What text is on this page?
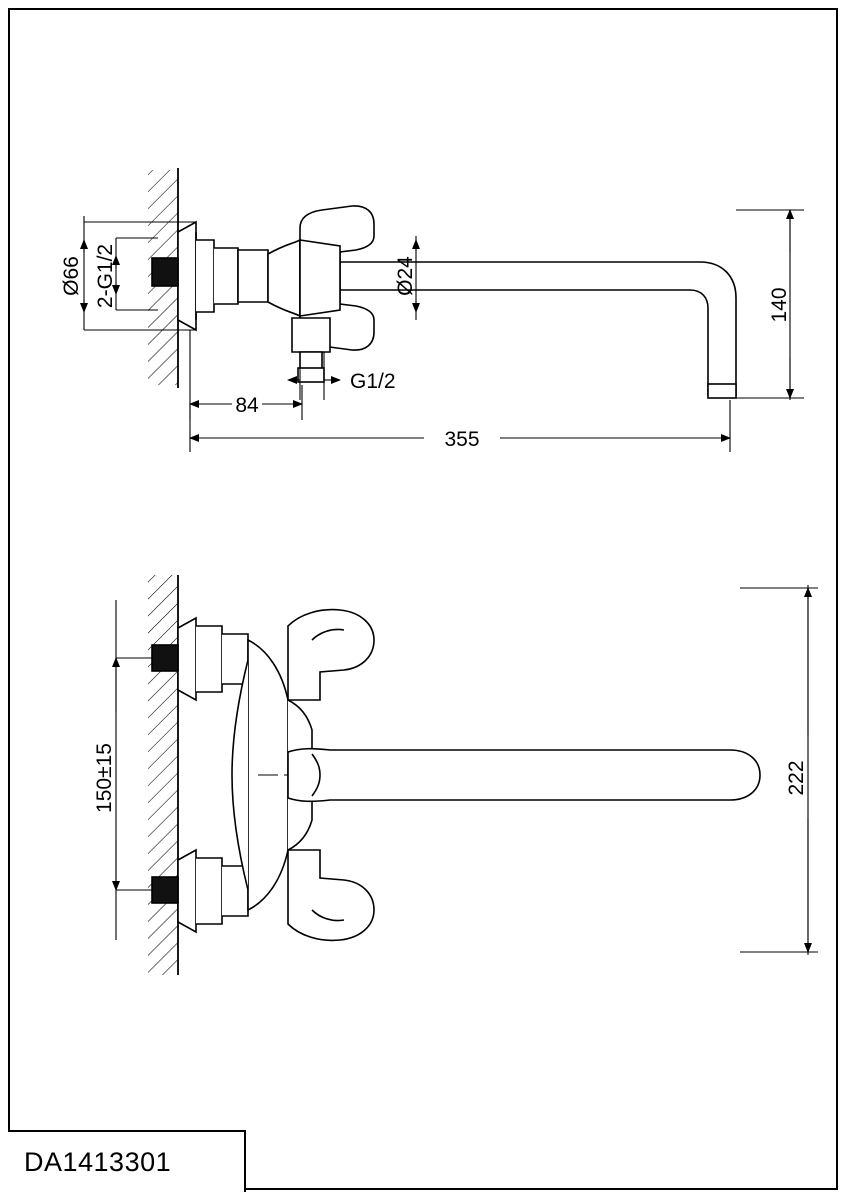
Ø66 2-G1/2	Ø24
G1/2
140
84
355
150±15	222
DA1413301
